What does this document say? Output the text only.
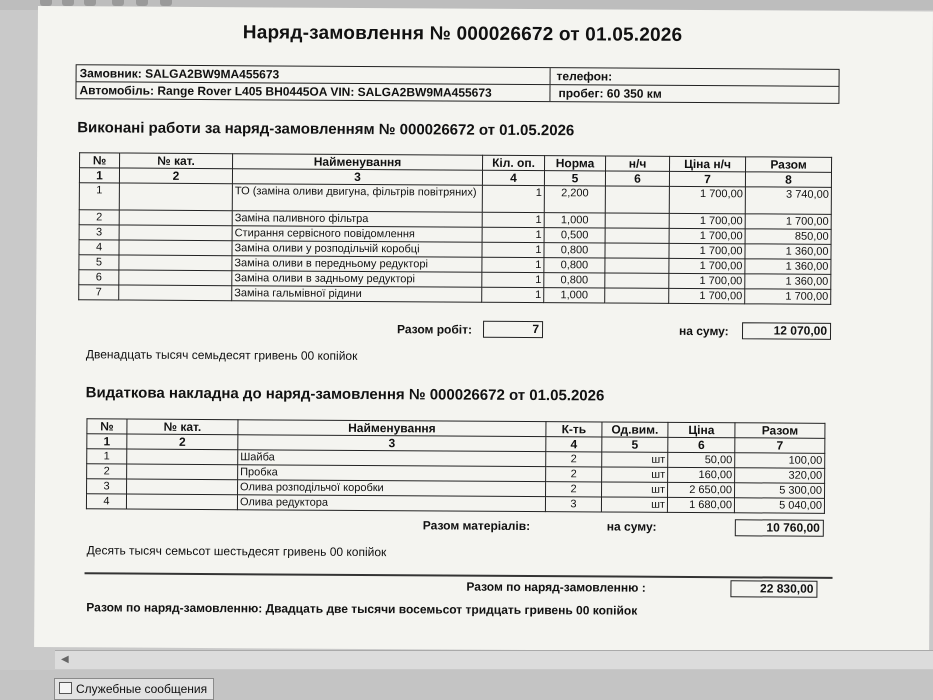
Наряд-замовлення № 000026672 от 01.05.2026
Замовник: SALGA2BW9MA455673	телефон:
Автомобіль: Range Rover L405 BH0445OA VIN: SALGA2BW9MA455673	пробег: 60 350 км
Виконані работи за наряд-замовленням № 000026672 от 01.05.2026
№	№ кат.	Найменування	Кіл. оп.	Норма	н/ч	Ціна н/ч	Разом
1	2	3	4	5	6	7	8
1		ТО (заміна оливи двигуна, фільтрів повітряних)	1	2,200		1 700,00	3 740,00
2		Заміна паливного фільтра	1	1,000		1 700,00	1 700,00
3		Стирання сервісного повідомлення	1	0,500		1 700,00	850,00
4		Заміна оливи у розподільчій коробці	1	0,800		1 700,00	1 360,00
5		Заміна оливи в передньому редукторі	1	0,800		1 700,00	1 360,00
6		Заміна оливи в задньому редукторі	1	0,800		1 700,00	1 360,00
7		Заміна гальмівної рідини	1	1,000		1 700,00	1 700,00
Разом робіт:	7	на суму:	12 070,00
Двенадцать тысяч семьдесят гривень 00 копійок
Видаткова накладна до наряд-замовлення № 000026672 от 01.05.2026
№	№ кат.	Найменування	К-ть	Од.вим.	Ціна	Разом
1	2	3	4	5	6	7
1		Шайба	2	шт	50,00	100,00
2		Пробка	2	шт	160,00	320,00
3		Олива розподільчої коробки	2	шт	2 650,00	5 300,00
4		Олива редуктора	3	шт	1 680,00	5 040,00
Разом матеріалів:	на суму:	10 760,00
Десять тысяч семьсот шестьдесят гривень 00 копійок
Разом по наряд-замовленню :	22 830,00
Разом по наряд-замовленню: Двадцать две тысячи восемьсот тридцать гривень 00 копійок
◀
Служебные сообщения
